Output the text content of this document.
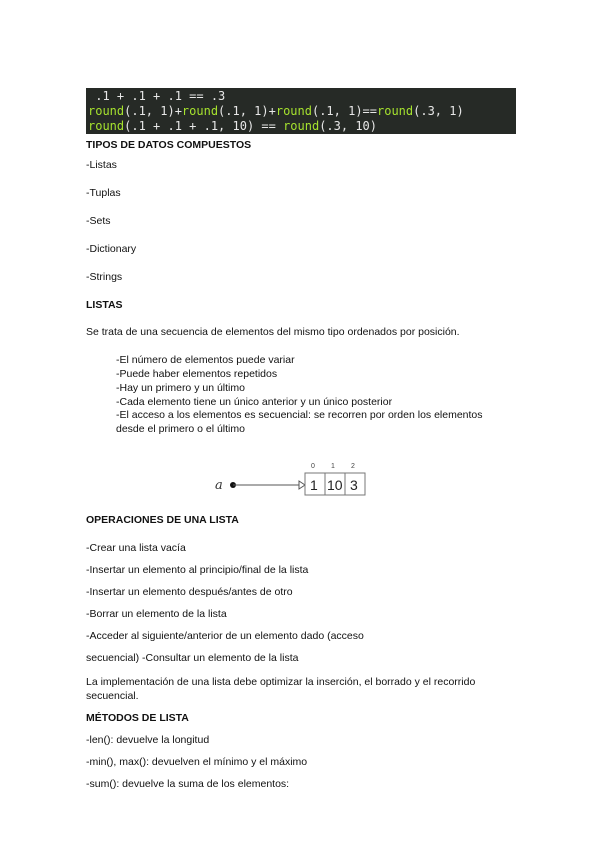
.1 + .1 + .1 == .3
round(.1, 1)+round(.1, 1)+round(.1, 1)==round(.3, 1)
round(.1 + .1 + .1, 10) == round(.3, 10)
TIPOS DE DATOS COMPUESTOS
-Listas
-Tuplas
-Sets
-Dictionary
-Strings
LISTAS
Se trata de una secuencia de elementos del mismo tipo ordenados por posición.
-El número de elementos puede variar
-Puede haber elementos repetidos
-Hay un primero y un último
-Cada elemento tiene un único anterior y un único posterior
-El acceso a los elementos es secuencial: se recorren por orden los elementos desde el primero o el último
a
0 1 2
1 10 3
OPERACIONES DE UNA LISTA
-Crear una lista vacía
-Insertar un elemento al principio/final de la lista
-Insertar un elemento después/antes de otro
-Borrar un elemento de la lista
-Acceder al siguiente/anterior de un elemento dado (acceso
secuencial) -Consultar un elemento de la lista
La implementación de una lista debe optimizar la inserción, el borrado y el recorrido secuencial.
MÉTODOS DE LISTA
-len(): devuelve la longitud
-min(), max(): devuelven el mínimo y el máximo
-sum(): devuelve la suma de los elementos:
